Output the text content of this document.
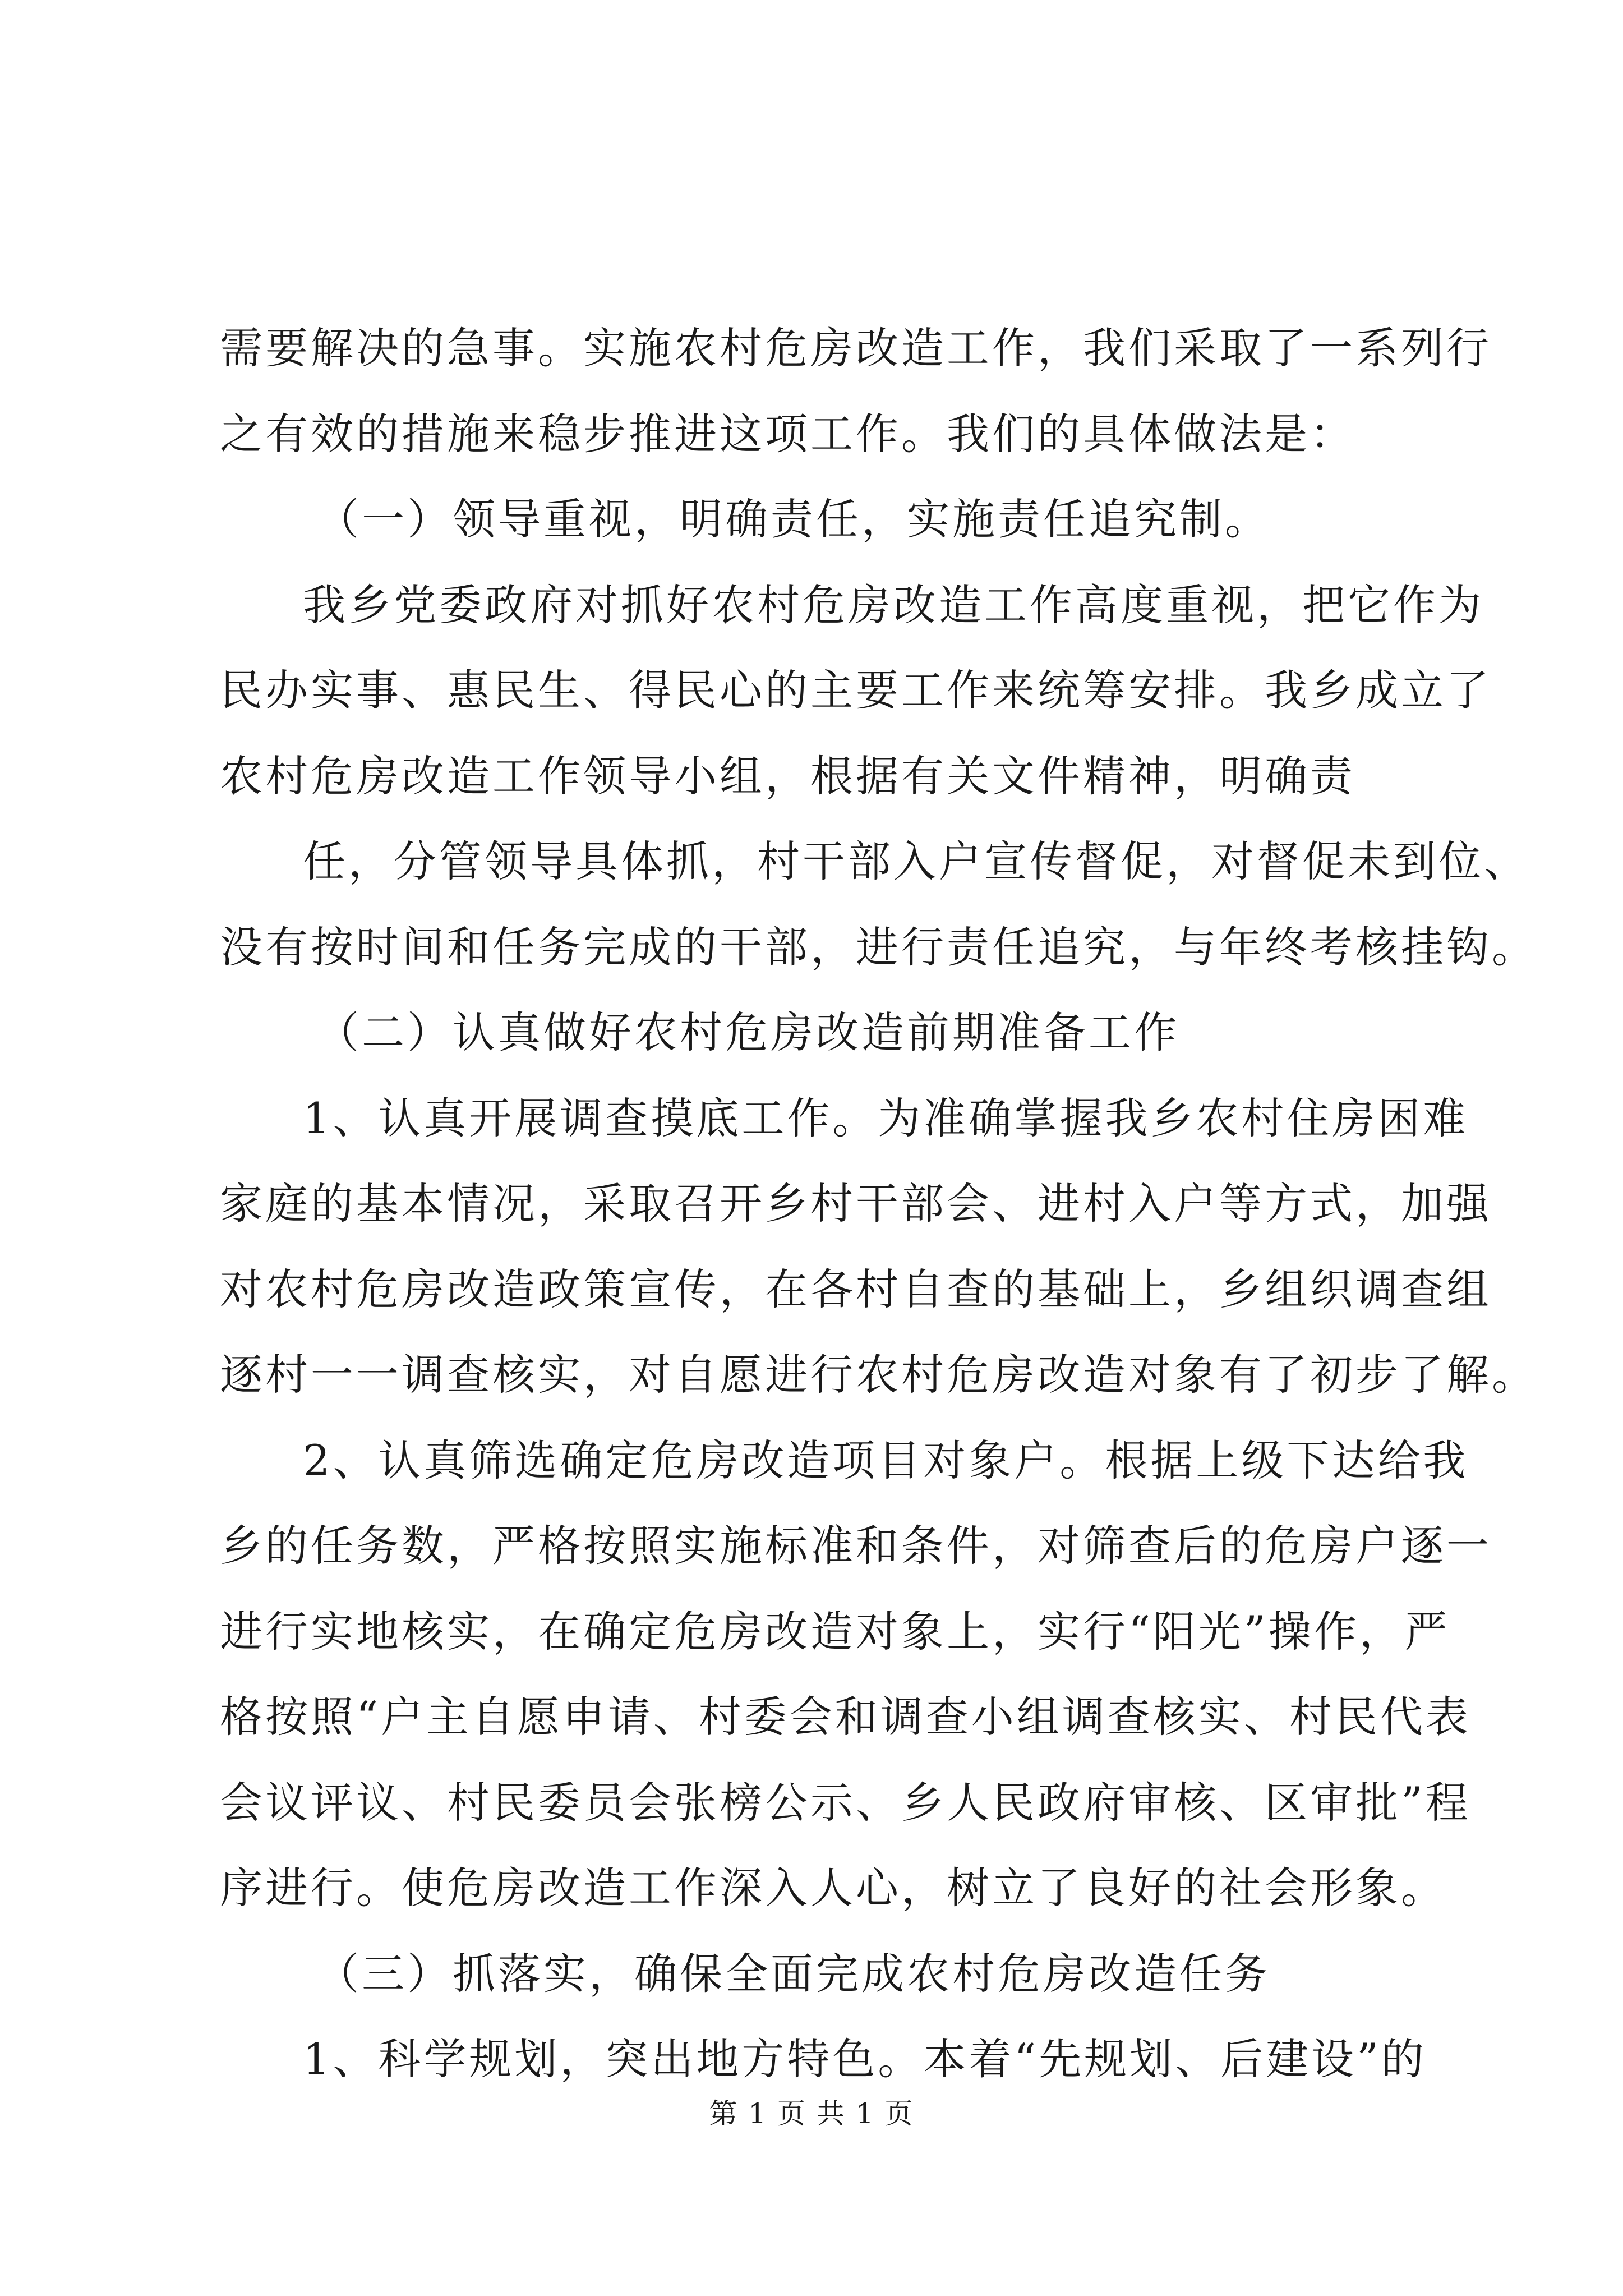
需要解决的急事。实施农村危房改造工作，我们采取了一系列行
之有效的措施来稳步推进这项工作。我们的具体做法是：
（一）领导重视，明确责任，实施责任追究制。
我乡党委政府对抓好农村危房改造工作高度重视，把它作为
民办实事、惠民生、得民心的主要工作来统筹安排。我乡成立了
农村危房改造工作领导小组，根据有关文件精神，明确责
任，分管领导具体抓，村干部入户宣传督促，对督促未到位、
没有按时间和任务完成的干部，进行责任追究，与年终考核挂钩。
（二）认真做好农村危房改造前期准备工作
1、认真开展调查摸底工作。为准确掌握我乡农村住房困难
家庭的基本情况，采取召开乡村干部会、进村入户等方式，加强
对农村危房改造政策宣传，在各村自查的基础上，乡组织调查组
逐村一一调查核实，对自愿进行农村危房改造对象有了初步了解。
2、认真筛选确定危房改造项目对象户。根据上级下达给我
乡的任务数，严格按照实施标准和条件，对筛查后的危房户逐一
进行实地核实，在确定危房改造对象上，实行“阳光”操作，严
格按照“户主自愿申请、村委会和调查小组调查核实、村民代表
会议评议、村民委员会张榜公示、乡人民政府审核、区审批”程
序进行。使危房改造工作深入人心，树立了良好的社会形象。
（三）抓落实，确保全面完成农村危房改造任务
1、科学规划，突出地方特色。本着“先规划、后建设”的
第 1 页 共 1 页
